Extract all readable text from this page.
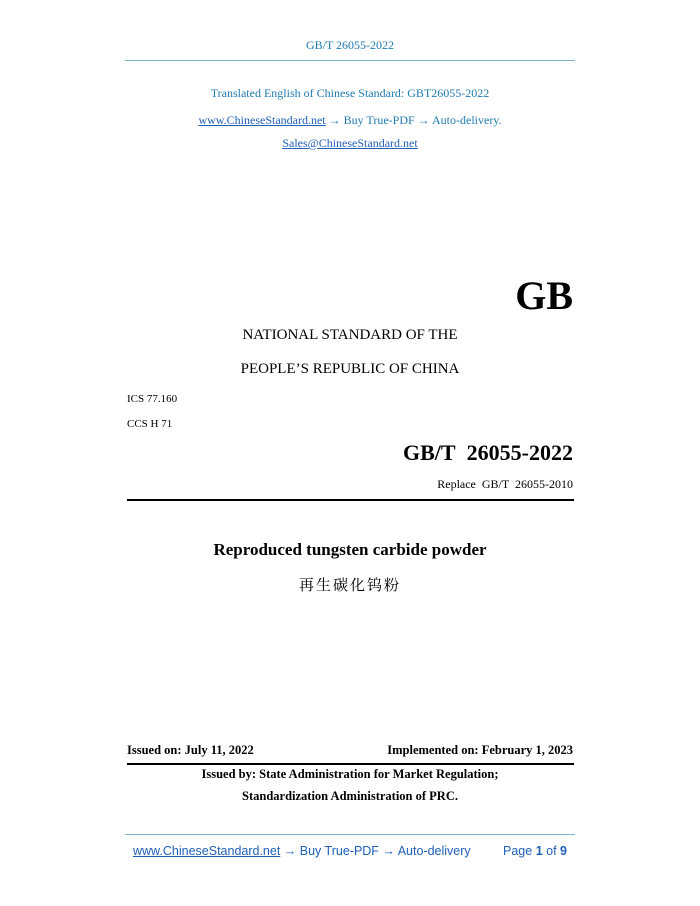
GB/T 26055-2022
Translated English of Chinese Standard: GBT26055-2022
www.ChineseStandard.net → Buy True-PDF → Auto-delivery.
Sales@ChineseStandard.net
GB
NATIONAL STANDARD OF THE
PEOPLE’S REPUBLIC OF CHINA
ICS 77.160
CCS H 71
GB/T 26055-2022
Replace GB/T 26055-2010
Reproduced tungsten carbide powder
再生碳化钨粉
Issued on: July 11, 2022	Implemented on: February 1, 2023
Issued by: State Administration for Market Regulation;
Standardization Administration of PRC.
www.ChineseStandard.net → Buy True-PDF → Auto-delivery	Page 1 of 9
